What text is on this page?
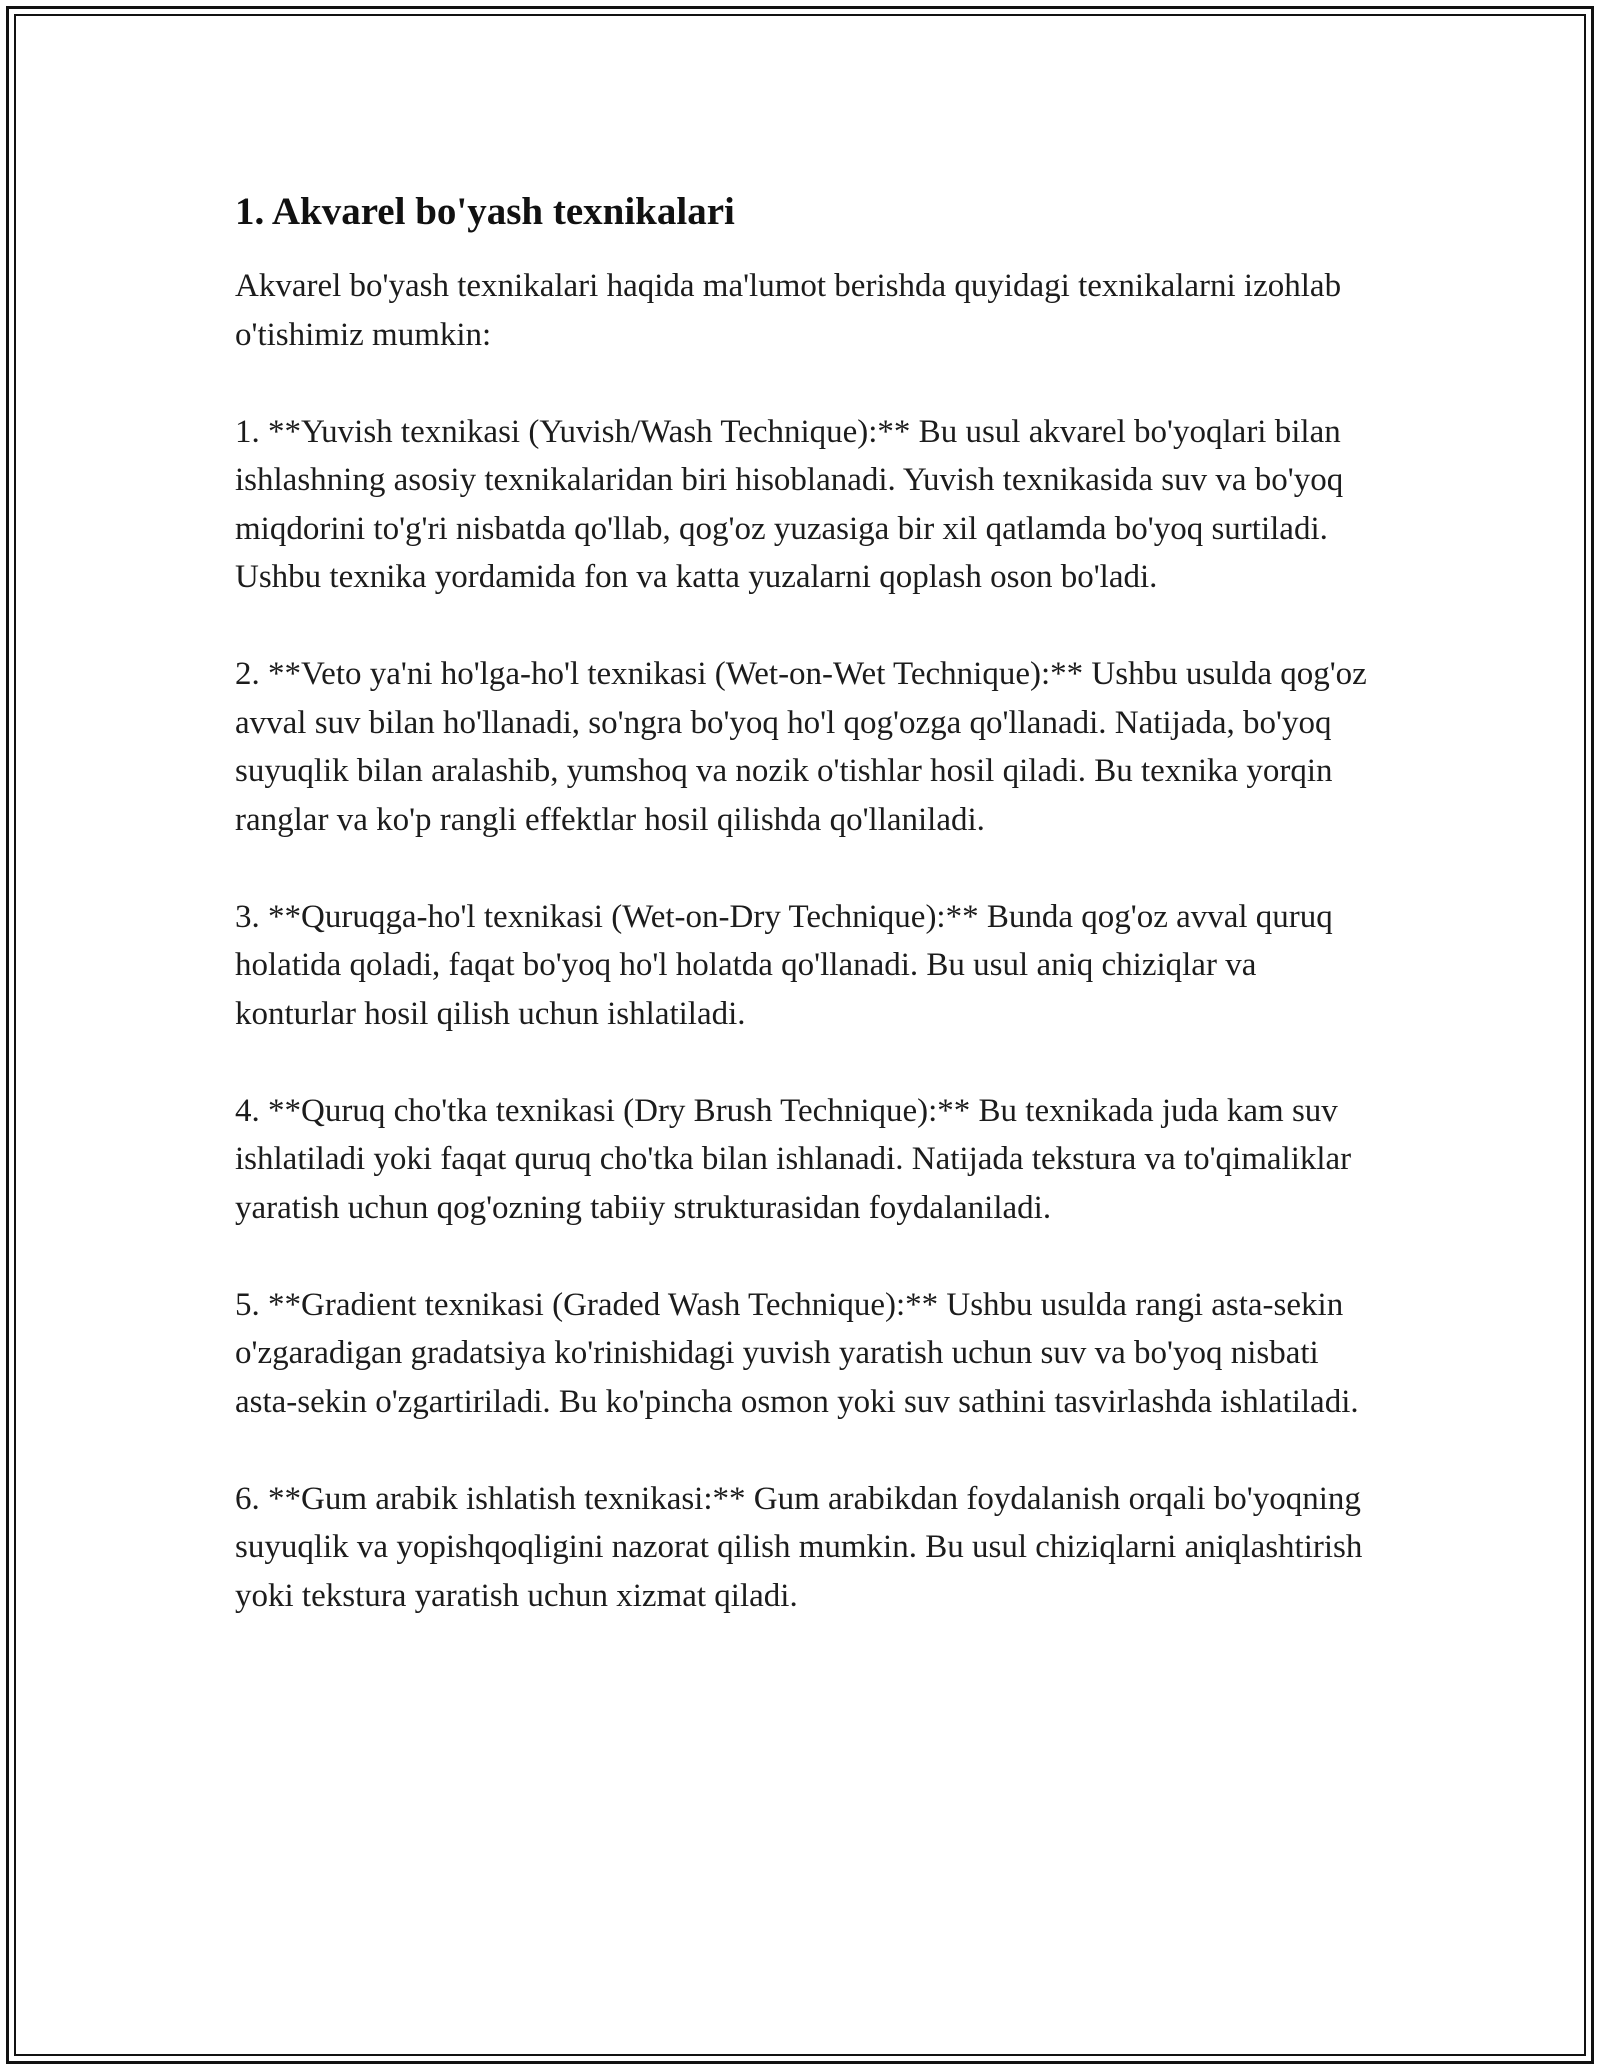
1. Akvarel bo'yash texnikalari

Akvarel bo'yash texnikalari haqida ma'lumot berishda quyidagi texnikalarni izohlab o'tishimiz mumkin:

1. **Yuvish texnikasi (Yuvish/Wash Technique):** Bu usul akvarel bo'yoqlari bilan ishlashning asosiy texnikalaridan biri hisoblanadi. Yuvish texnikasida suv va bo'yoq miqdorini to'g'ri nisbatda qo'llab, qog'oz yuzasiga bir xil qatlamda bo'yoq surtiladi. Ushbu texnika yordamida fon va katta yuzalarni qoplash oson bo'ladi.

2. **Veto ya'ni ho'lga-ho'l texnikasi (Wet-on-Wet Technique):** Ushbu usulda qog'oz avval suv bilan ho'llanadi, so'ngra bo'yoq ho'l qog'ozga qo'llanadi. Natijada, bo'yoq suyuqlik bilan aralashib, yumshoq va nozik o'tishlar hosil qiladi. Bu texnika yorqin ranglar va ko'p rangli effektlar hosil qilishda qo'llaniladi.

3. **Quruqga-ho'l texnikasi (Wet-on-Dry Technique):** Bunda qog'oz avval quruq holatida qoladi, faqat bo'yoq ho'l holatda qo'llanadi. Bu usul aniq chiziqlar va konturlar hosil qilish uchun ishlatiladi.

4. **Quruq cho'tka texnikasi (Dry Brush Technique):** Bu texnikada juda kam suv ishlatiladi yoki faqat quruq cho'tka bilan ishlanadi. Natijada tekstura va to'qimaliklar yaratish uchun qog'ozning tabiiy strukturasidan foydalaniladi.

5. **Gradient texnikasi (Graded Wash Technique):** Ushbu usulda rangi asta-sekin o'zgaradigan gradatsiya ko'rinishidagi yuvish yaratish uchun suv va bo'yoq nisbati asta-sekin o'zgartiriladi. Bu ko'pincha osmon yoki suv sathini tasvirlashda ishlatiladi.

6. **Gum arabik ishlatish texnikasi:** Gum arabikdan foydalanish orqali bo'yoqning suyuqlik va yopishqoqligini nazorat qilish mumkin. Bu usul chiziqlarni aniqlashtirish yoki tekstura yaratish uchun xizmat qiladi.
